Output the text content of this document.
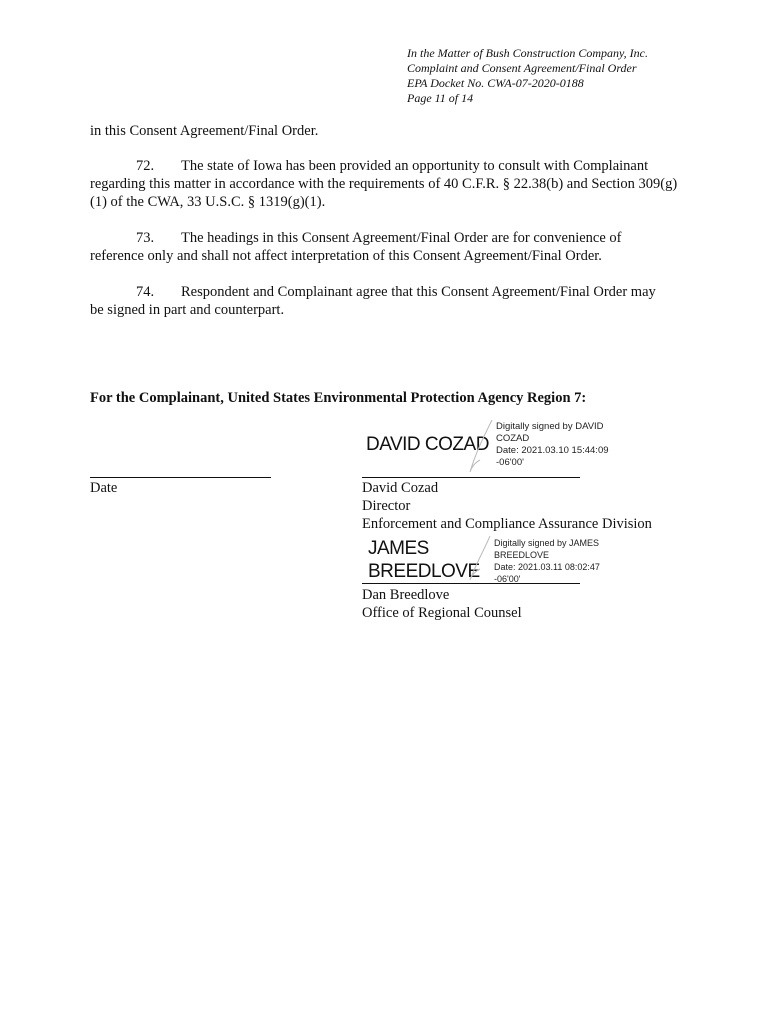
In the Matter of Bush Construction Company, Inc.
Complaint and Consent Agreement/Final Order
EPA Docket No. CWA-07-2020-0188
Page 11 of 14
in this Consent Agreement/Final Order.
72. The state of Iowa has been provided an opportunity to consult with Complainant
regarding this matter in accordance with the requirements of 40 C.F.R. § 22.38(b) and Section 309(g)(1) of the CWA, 33 U.S.C. § 1319(g)(1).
73. The headings in this Consent Agreement/Final Order are for convenience of
reference only and shall not affect interpretation of this Consent Agreement/Final Order.
74. Respondent and Complainant agree that this Consent Agreement/Final Order may
be signed in part and counterpart.
For the Complainant, United States Environmental Protection Agency Region 7:
DAVID COZAD
Digitally signed by DAVID
COZAD
Date: 2021.03.10 15:44:09
-06'00'
Date	David Cozad
Director
Enforcement and Compliance Assurance Division
JAMES
BREEDLOVE
Digitally signed by JAMES
BREEDLOVE
Date: 2021.03.11 08:02:47
-06'00'
Dan Breedlove
Office of Regional Counsel
